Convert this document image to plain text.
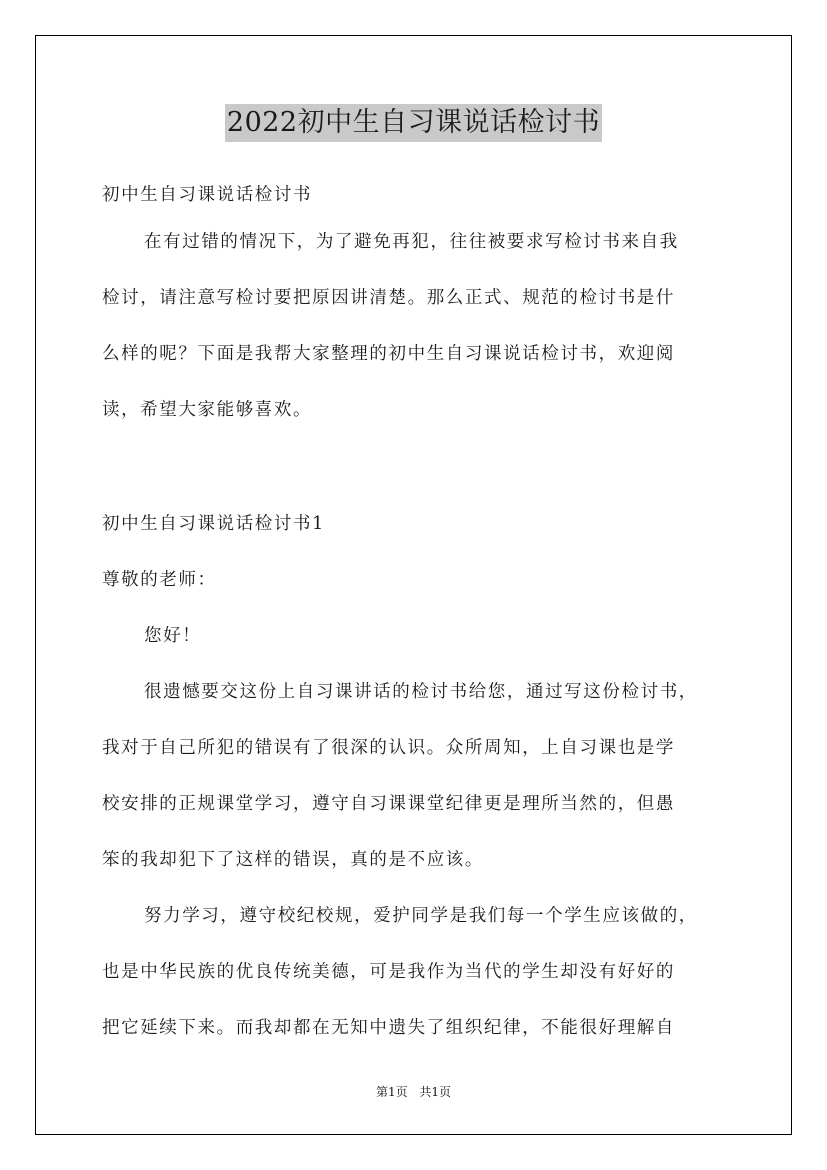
2022初中生自习课说话检讨书
初中生自习课说话检讨书
在有过错的情况下，为了避免再犯，往往被要求写检讨书来自我
检讨，请注意写检讨要把原因讲清楚。那么正式、规范的检讨书是什
么样的呢？下面是我帮大家整理的初中生自习课说话检讨书，欢迎阅
读，希望大家能够喜欢。
初中生自习课说话检讨书1
尊敬的老师：
您好！
很遗憾要交这份上自习课讲话的检讨书给您，通过写这份检讨书，
我对于自己所犯的错误有了很深的认识。众所周知，上自习课也是学
校安排的正规课堂学习，遵守自习课课堂纪律更是理所当然的，但愚
笨的我却犯下了这样的错误，真的是不应该。
努力学习，遵守校纪校规，爱护同学是我们每一个学生应该做的，
也是中华民族的优良传统美德，可是我作为当代的学生却没有好好的
把它延续下来。而我却都在无知中遗失了组织纪律，不能很好理解自
第1页 共1页
